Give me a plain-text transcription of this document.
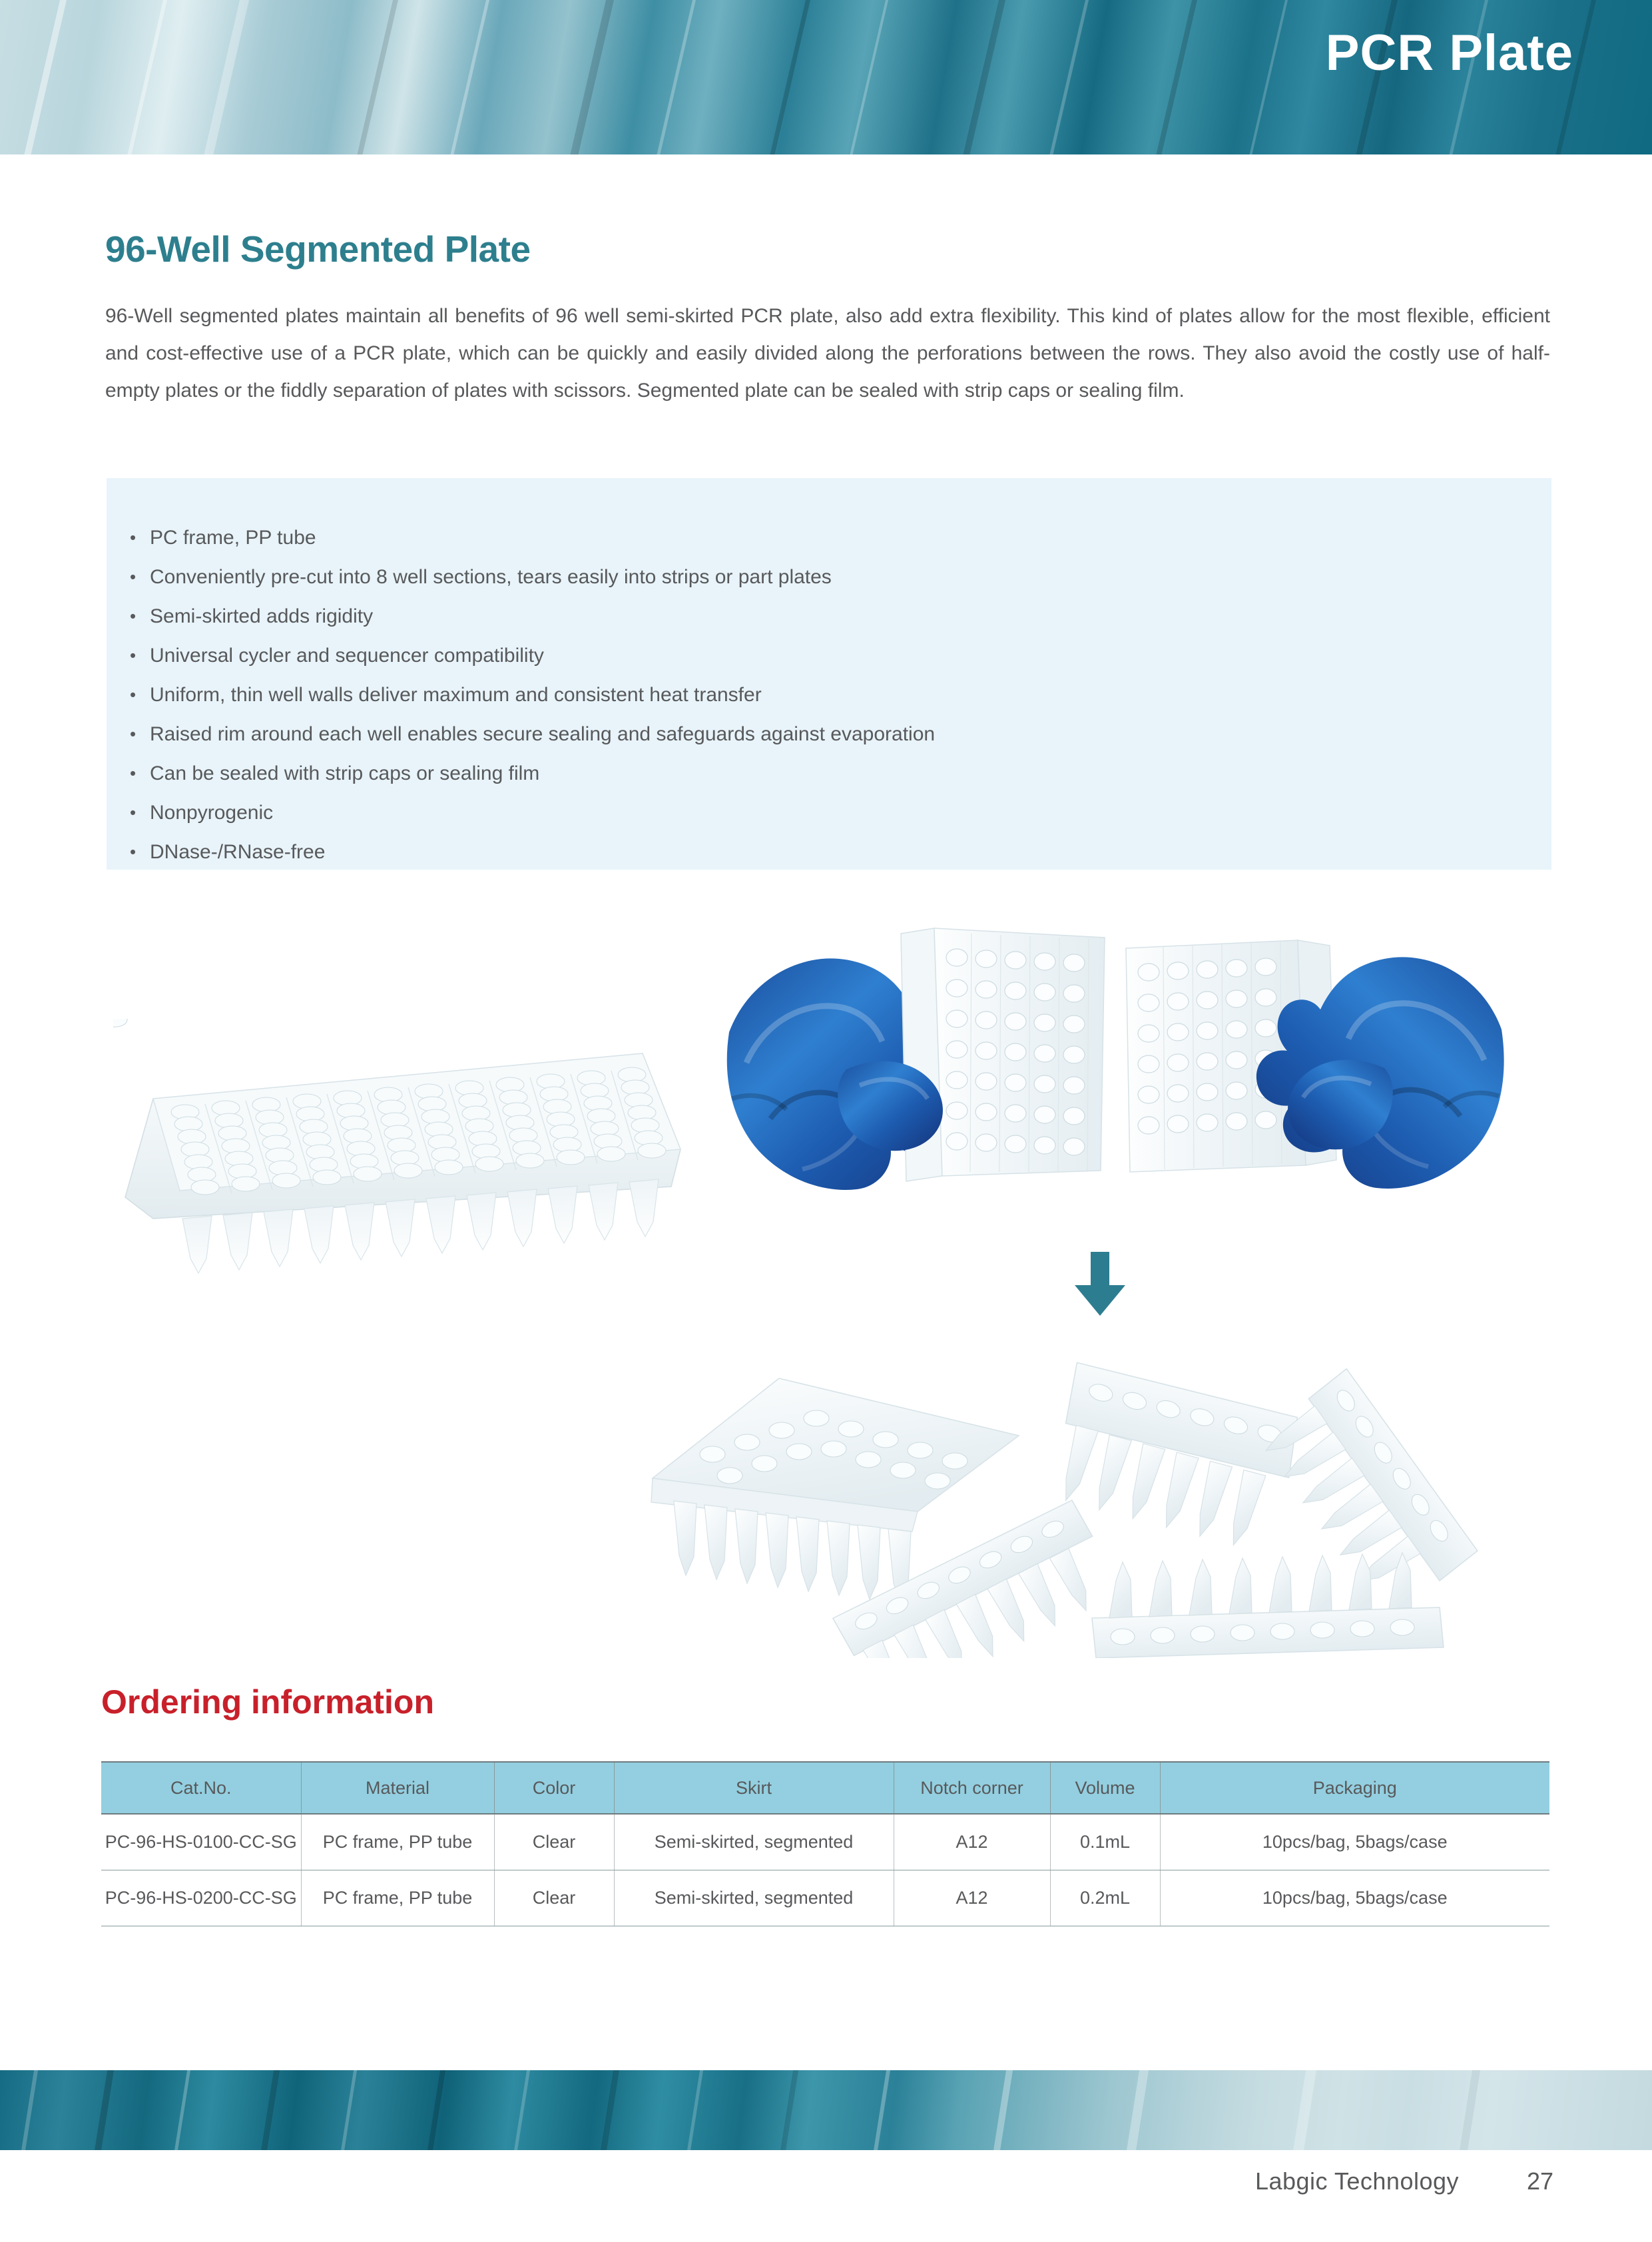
PCR Plate
96-Well Segmented Plate

96-Well segmented plates maintain all benefits of 96 well semi-skirted PCR plate, also add extra flexibility. This kind of plates allow for the most flexible, efficient and cost-effective use of a PCR plate, which can be quickly and easily divided along the perforations between the rows. They also avoid the costly use of half-empty plates or the fiddly separation of plates with scissors. Segmented plate can be sealed with strip caps or sealing film.

• PC frame, PP tube
• Conveniently pre-cut into 8 well sections, tears easily into strips or part plates
• Semi-skirted adds rigidity
• Universal cycler and sequencer compatibility
• Uniform, thin well walls deliver maximum and consistent heat transfer
• Raised rim around each well enables secure sealing and safeguards against evaporation
• Can be sealed with strip caps or sealing film
• Nonpyrogenic
• DNase-/RNase-free
Ordering information
Cat.No.	Material	Color	Skirt	Notch corner	Volume	Packaging
PC-96-HS-0100-CC-SG	PC frame, PP tube	Clear	Semi-skirted, segmented	A12	0.1mL	10pcs/bag, 5bags/case
PC-96-HS-0200-CC-SG	PC frame, PP tube	Clear	Semi-skirted, segmented	A12	0.2mL	10pcs/bag, 5bags/case
Labgic Technology	27
